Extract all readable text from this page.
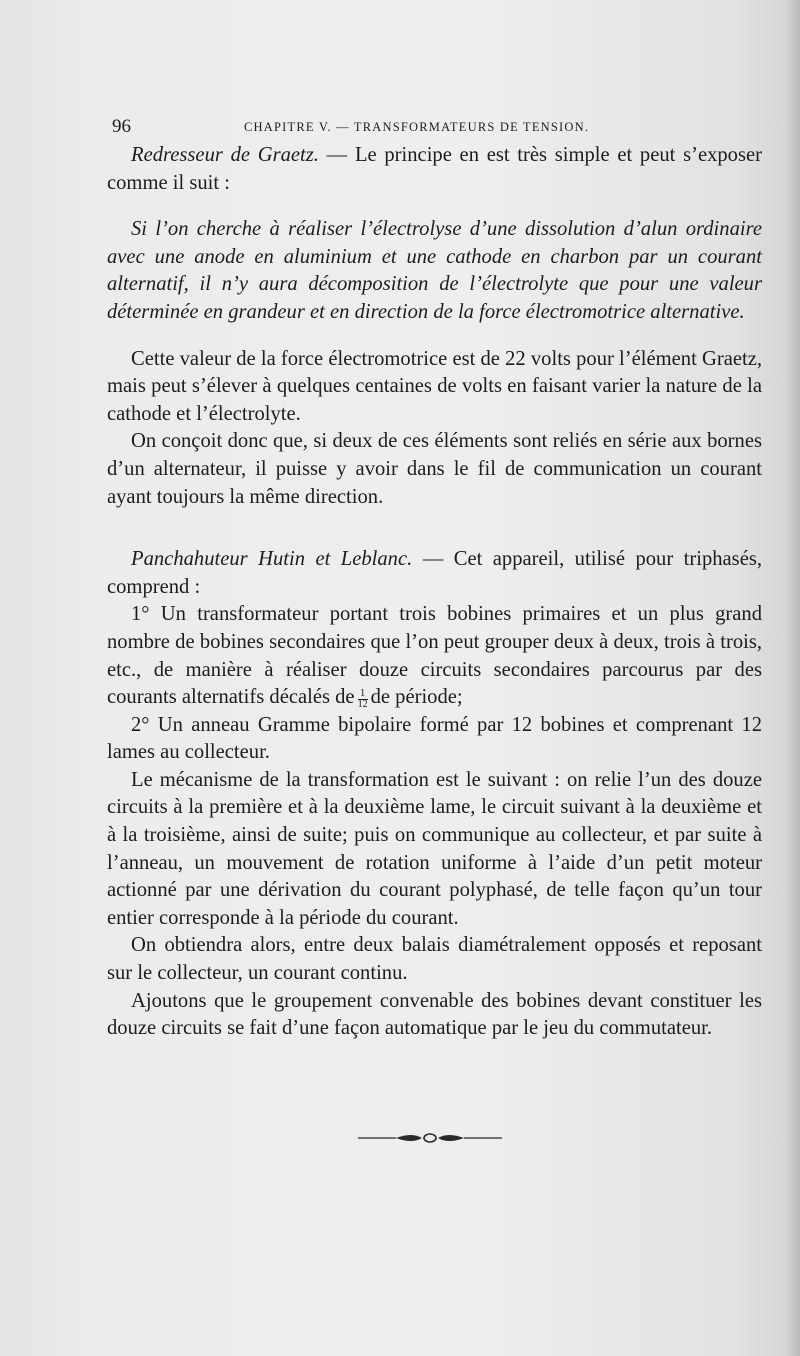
96	CHAPITRE V. — TRANSFORMATEURS DE TENSION.

Redresseur de Graetz. — Le principe en est très simple et peut s’exposer comme il suit :

Si l’on cherche à réaliser l’électrolyse d’une dissolution d’alun ordinaire avec une anode en aluminium et une cathode en charbon par un courant alternatif, il n’y aura décomposition de l’électrolyte que pour une valeur déterminée en grandeur et en direction de la force électromotrice alternative.

Cette valeur de la force électromotrice est de 22 volts pour l’élément Graetz, mais peut s’élever à quelques centaines de volts en faisant varier la nature de la cathode et l’électrolyte.

On conçoit donc que, si deux de ces éléments sont reliés en série aux bornes d’un alternateur, il puisse y avoir dans le fil de communication un courant ayant toujours la même direction.

Panchahuteur Hutin et Leblanc. — Cet appareil, utilisé pour triphasés, comprend :

1° Un transformateur portant trois bobines primaires et un plus grand nombre de bobines secondaires que l’on peut grouper deux à deux, trois à trois, etc., de manière à réaliser douze circuits secondaires parcourus par des courants alternatifs décalés de $\frac{1}{12}$ de période;

2° Un anneau Gramme bipolaire formé par 12 bobines et comprenant 12 lames au collecteur.

Le mécanisme de la transformation est le suivant : on relie l’un des douze circuits à la première et à la deuxième lame, le circuit suivant à la deuxième et à la troisième, ainsi de suite; puis on communique au collecteur, et par suite à l’anneau, un mouvement de rotation uniforme à l’aide d’un petit moteur actionné par une dérivation du courant polyphasé, de telle façon qu’un tour entier corresponde à la période du courant.

On obtiendra alors, entre deux balais diamétralement opposés et reposant sur le collecteur, un courant continu.

Ajoutons que le groupement convenable des bobines devant constituer les douze circuits se fait d’une façon automatique par le jeu du commutateur.
